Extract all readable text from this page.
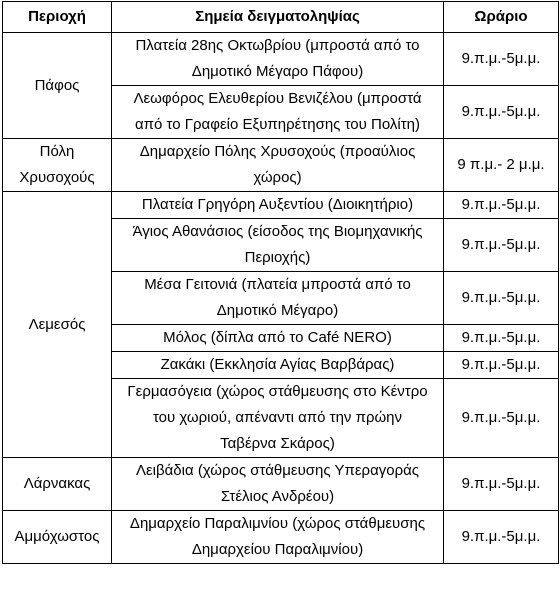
Περιοχή	Σημεία δειγματοληψίας	Ωράριο
Πάφος	Πλατεία 28ης Οκτωβρίου (μπροστά από το
Δημοτικό Μέγαρο Πάφου)	9.π.μ.-5μ.μ.
	Λεωφόρος Ελευθερίου Βενιζέλου (μπροστά
από το Γραφείο Εξυπηρέτησης του Πολίτη)	9.π.μ.-5μ.μ.
Πόλη
Χρυσοχούς	Δημαρχείο Πόλης Χρυσοχούς (προαύλιος
χώρος)	9 π.μ.- 2 μ.μ.
Λεμεσός	Πλατεία Γρηγόρη Αυξεντίου (Διοικητήριο)	9.π.μ.-5μ.μ.
	Άγιος Αθανάσιος (είσοδος της Βιομηχανικής
Περιοχής)	9.π.μ.-5μ.μ.
	Μέσα Γειτονιά (πλατεία μπροστά από το
Δημοτικό Μέγαρο)	9.π.μ.-5μ.μ.
	Μόλος (δίπλα από το Café NERO)	9.π.μ.-5μ.μ.
	Ζακάκι (Εκκλησία Αγίας Βαρβάρας)	9.π.μ.-5μ.μ.
	Γερμασόγεια (χώρος στάθμευσης στο Κέντρο
του χωριού, απέναντι από την πρώην
Ταβέρνα Σκάρος)	9.π.μ.-5μ.μ.
Λάρνακας	Λειβάδια (χώρος στάθμευσης Υπεραγοράς
Στέλιος Ανδρέου)	9.π.μ.-5μ.μ.
Αμμόχωστος	Δημαρχείο Παραλιμνίου (χώρος στάθμευσης
Δημαρχείου Παραλιμνίου)	9.π.μ.-5μ.μ.
